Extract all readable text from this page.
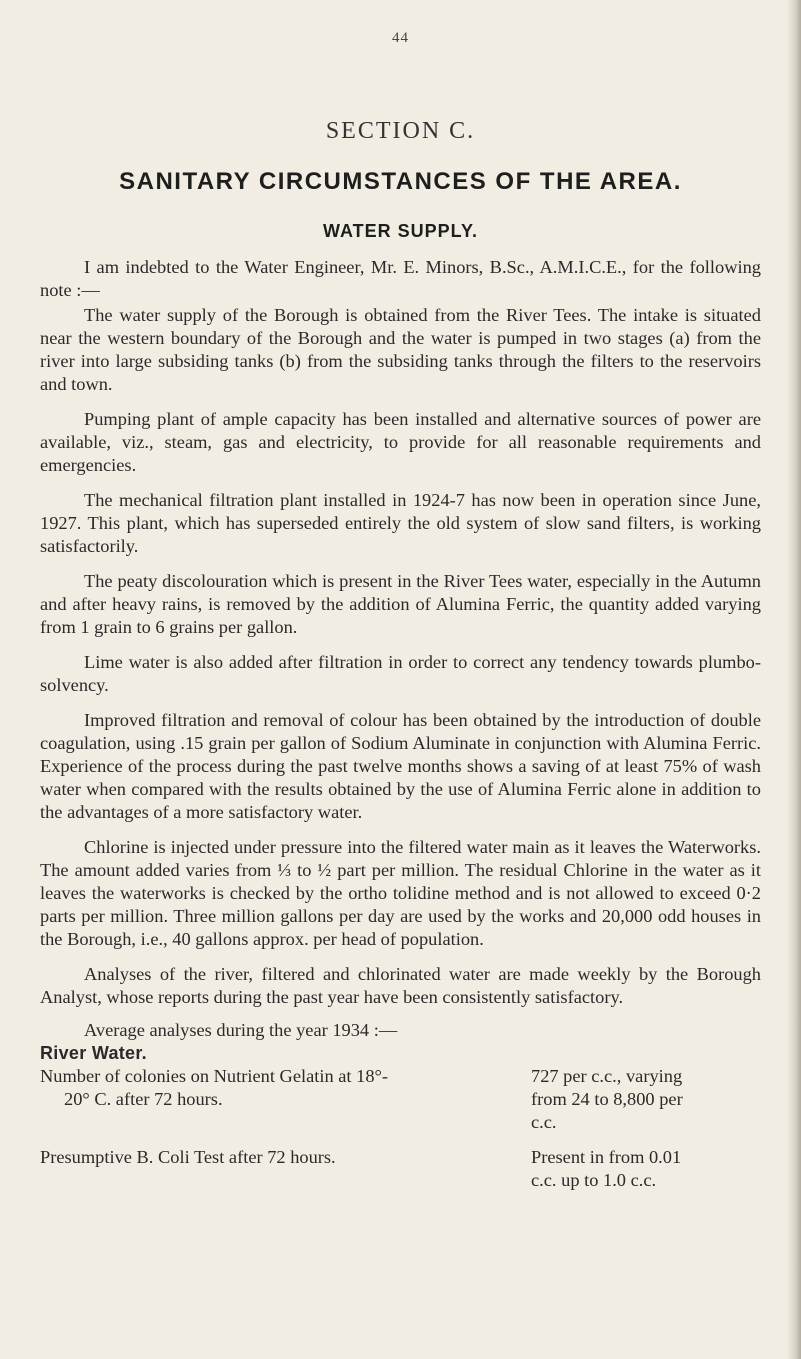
44
SECTION C.
SANITARY CIRCUMSTANCES OF THE AREA.
WATER SUPPLY.

I am indebted to the Water Engineer, Mr. E. Minors, B.Sc., A.M.I.C.E., for the following note :—

The water supply of the Borough is obtained from the River Tees. The intake is situated near the western boundary of the Borough and the water is pumped in two stages (a) from the river into large subsiding tanks (b) from the subsiding tanks through the filters to the reservoirs and town.

Pumping plant of ample capacity has been installed and alternative sources of power are available, viz., steam, gas and electricity, to provide for all reasonable requirements and emergencies.

The mechanical filtration plant installed in 1924-7 has now been in operation since June, 1927. This plant, which has superseded entirely the old system of slow sand filters, is working satisfactorily.

The peaty discolouration which is present in the River Tees water, especially in the Autumn and after heavy rains, is removed by the addition of Alumina Ferric, the quantity added varying from 1 grain to 6 grains per gallon.

Lime water is also added after filtration in order to correct any tendency towards plumbo-solvency.

Improved filtration and removal of colour has been obtained by the introduction of double coagulation, using .15 grain per gallon of Sodium Aluminate in conjunction with Alumina Ferric. Experience of the process during the past twelve months shows a saving of at least 75% of wash water when compared with the results obtained by the use of Alumina Ferric alone in addition to the advantages of a more satisfactory water.

Chlorine is injected under pressure into the filtered water main as it leaves the Waterworks. The amount added varies from ⅓ to ½ part per million. The residual Chlorine in the water as it leaves the waterworks is checked by the ortho tolidine method and is not allowed to exceed 0·2 parts per million. Three million gallons per day are used by the works and 20,000 odd houses in the Borough, i.e., 40 gallons approx. per head of population.

Analyses of the river, filtered and chlorinated water are made weekly by the Borough Analyst, whose reports during the past year have been consistently satisfactory.

Average analyses during the year 1934 :—

River Water.

Number of colonies on Nutrient Gelatin at 18°-
20° C. after 72 hours.
727 per c.c., varying
from 24 to 8,800 per
c.c.
Presumptive B. Coli Test after 72 hours.	Present in from 0.01
c.c. up to 1.0 c.c.
